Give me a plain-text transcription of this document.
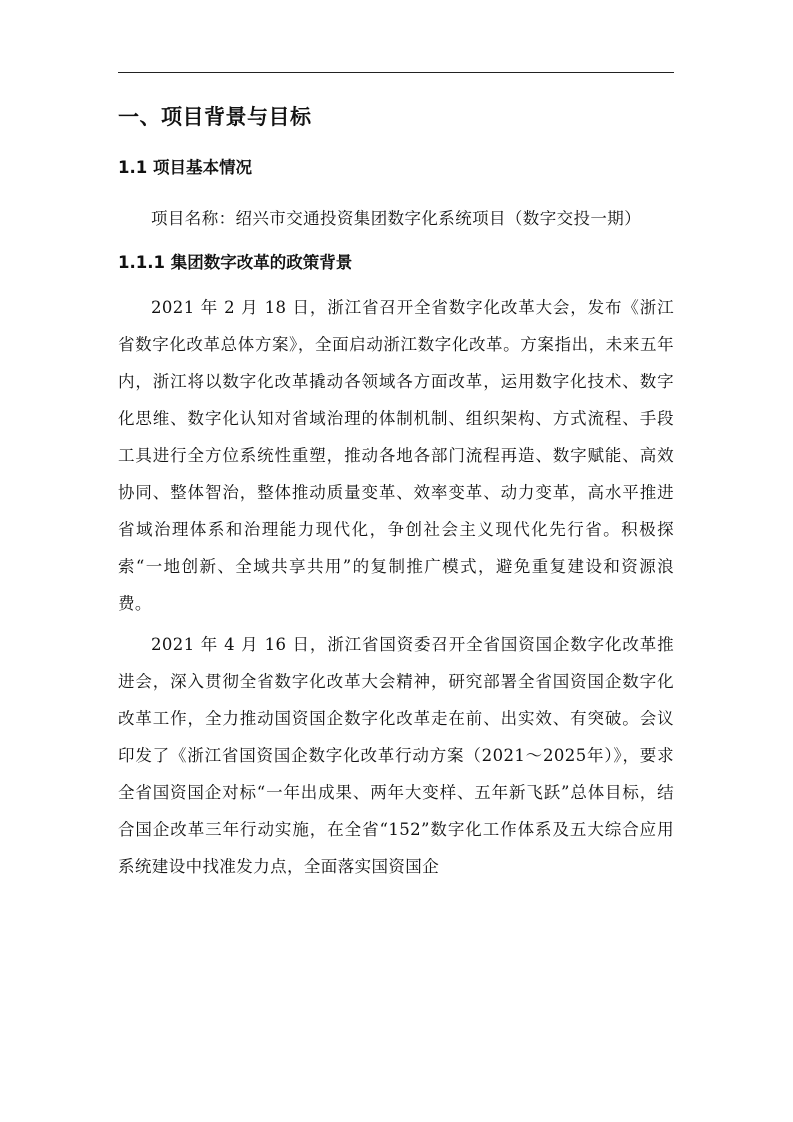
一、项目背景与目标
1.1 项目基本情况

项目名称：绍兴市交通投资集团数字化系统项目（数字交投一期）

1.1.1 集团数字改革的政策背景

2021 年 2 月 18 日，浙江省召开全省数字化改革大会，发布《浙江省数字化改革总体方案》，全面启动浙江数字化改革。方案指出，未来五年内，浙江将以数字化改革撬动各领域各方面改革，运用数字化技术、数字化思维、数字化认知对省域治理的体制机制、组织架构、方式流程、手段工具进行全方位系统性重塑，推动各地各部门流程再造、数字赋能、高效协同、整体智治，整体推动质量变革、效率变革、动力变革，高水平推进省域治理体系和治理能力现代化，争创社会主义现代化先行省。积极探索“一地创新、全域共享共用”的复制推广模式，避免重复建设和资源浪费。

2021 年 4 月 16 日，浙江省国资委召开全省国资国企数字化改革推进会，深入贯彻全省数字化改革大会精神，研究部署全省国资国企数字化改革工作，全力推动国资国企数字化改革走在前、出实效、有突破。会议印发了《浙江省国资国企数字化改革行动方案（2021～2025年）》，要求全省国资国企对标“一年出成果、两年大变样、五年新飞跃”总体目标，结合国企改革三年行动实施，在全省“152”数字化工作体系及五大综合应用系统建设中找准发力点，全面落实国资国企
